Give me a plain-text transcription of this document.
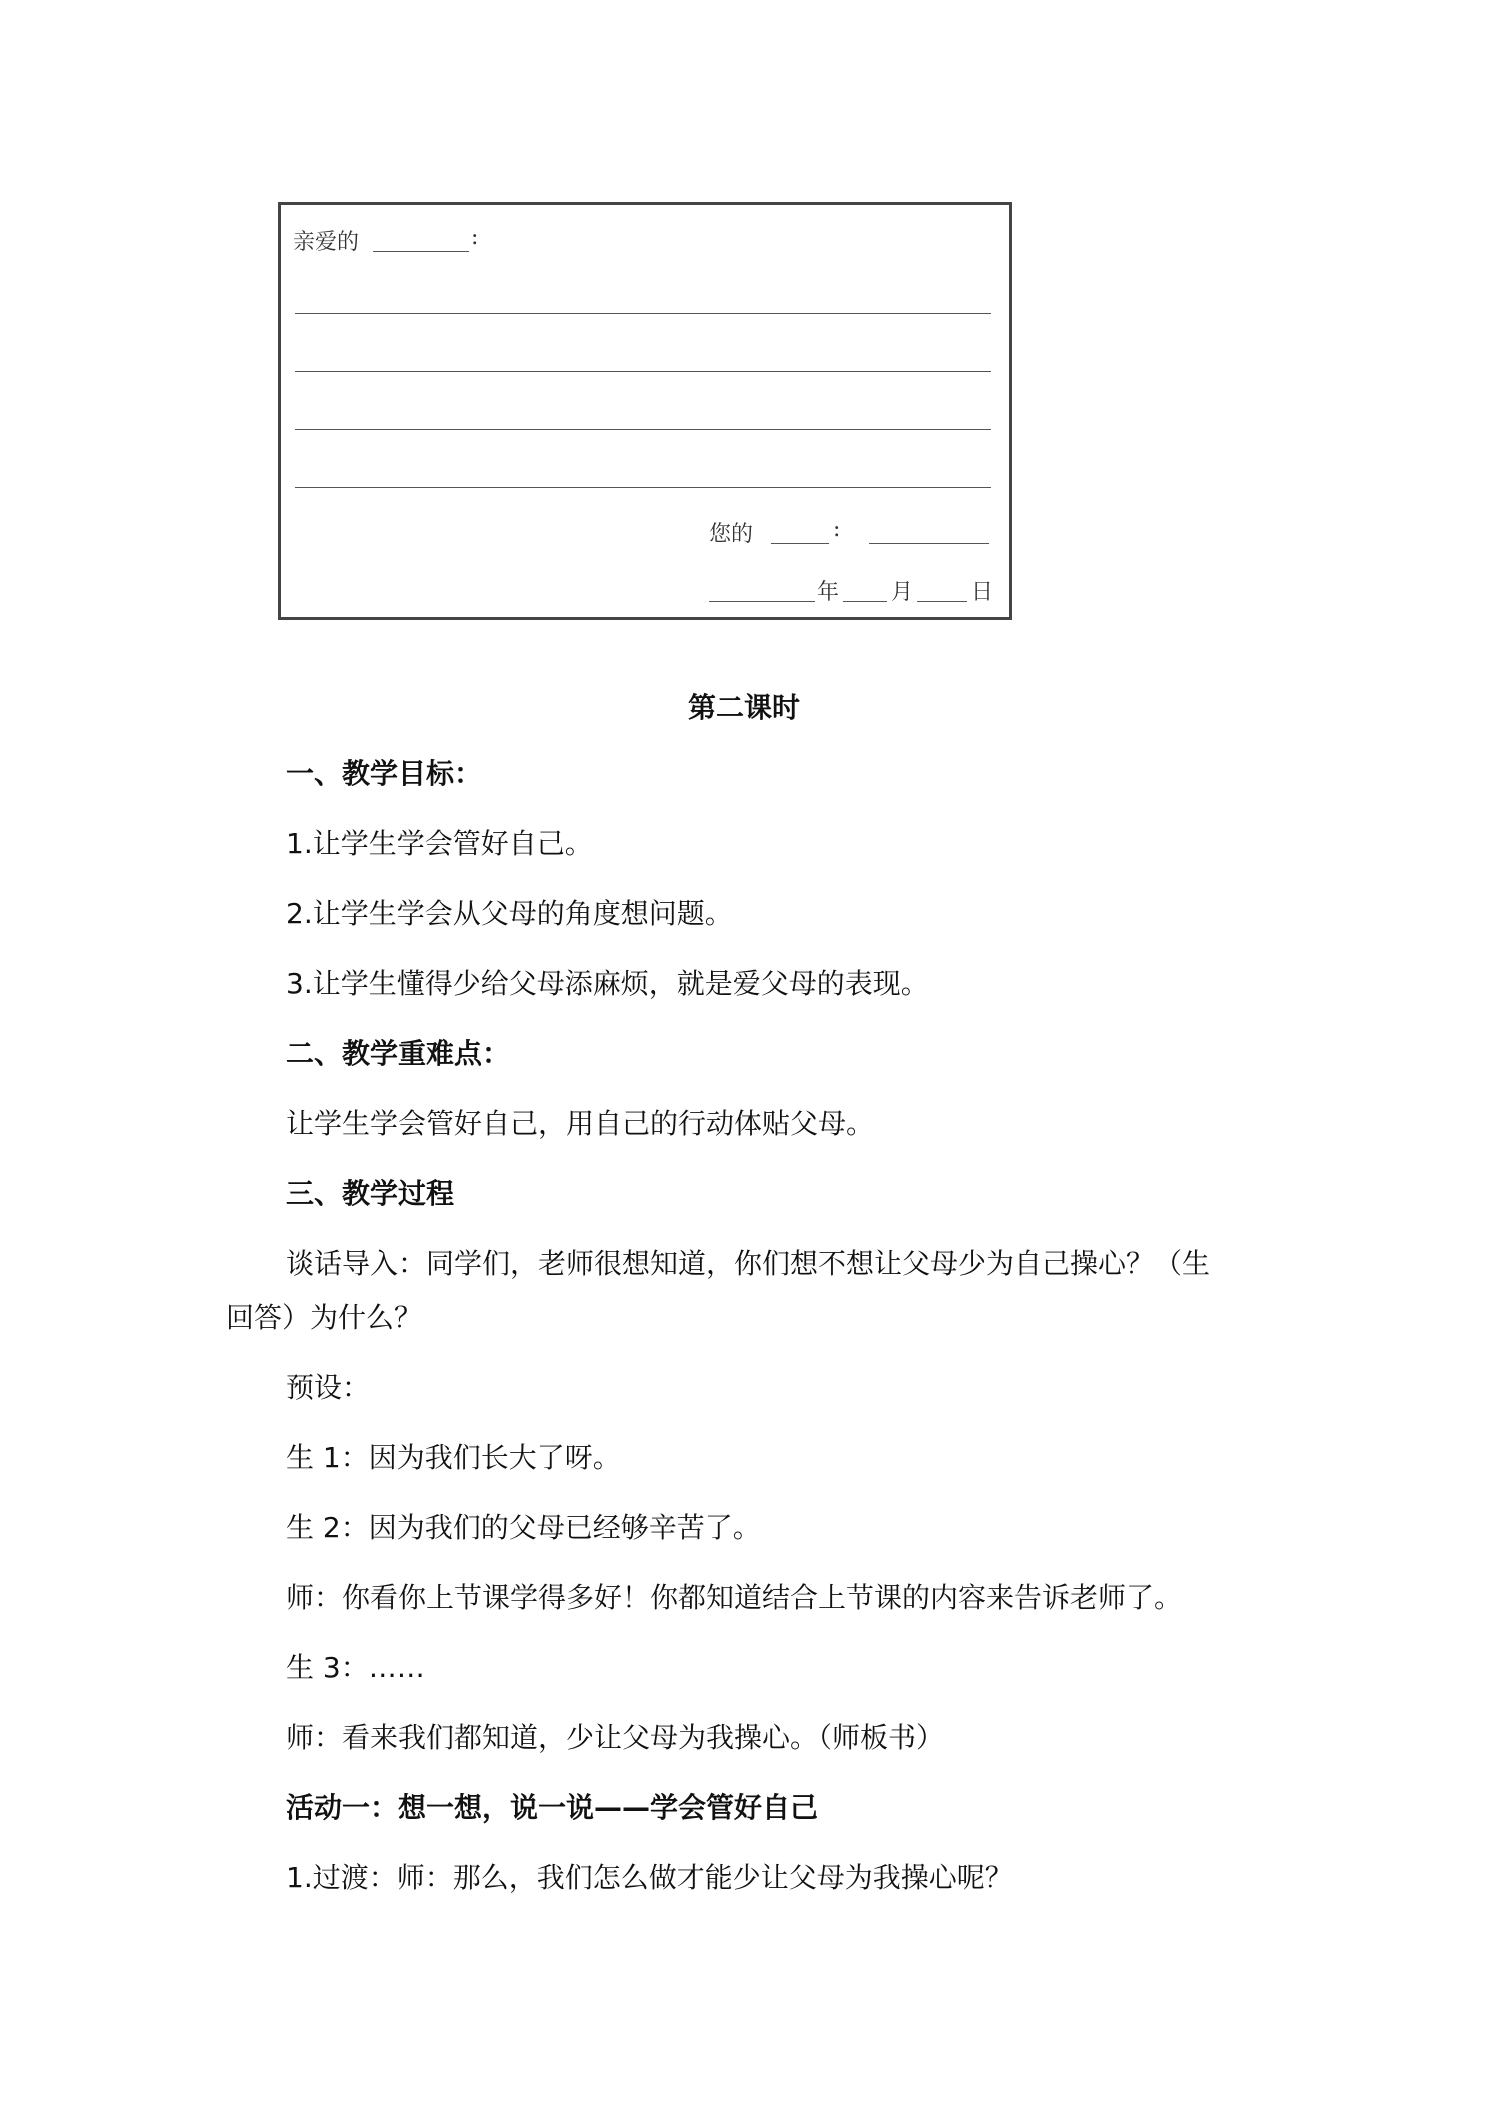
亲爱的	:
您的	:
年 月	日
第二课时
一、教学目标：
1.让学生学会管好自己。
2.让学生学会从父母的角度想问题。
3.让学生懂得少给父母添麻烦，就是爱父母的表现。
二、教学重难点：
让学生学会管好自己，用自己的行动体贴父母。
三、教学过程
谈话导入：同学们，老师很想知道，你们想不想让父母少为自己操心？（生
回答）为什么？
预设：
生 1：因为我们长大了呀。
生 2：因为我们的父母已经够辛苦了。
师：你看你上节课学得多好！你都知道结合上节课的内容来告诉老师了。
生 3：……
师：看来我们都知道，少让父母为我操心。（师板书）
活动一：想一想，说一说——学会管好自己
1.过渡：师：那么，我们怎么做才能少让父母为我操心呢？
